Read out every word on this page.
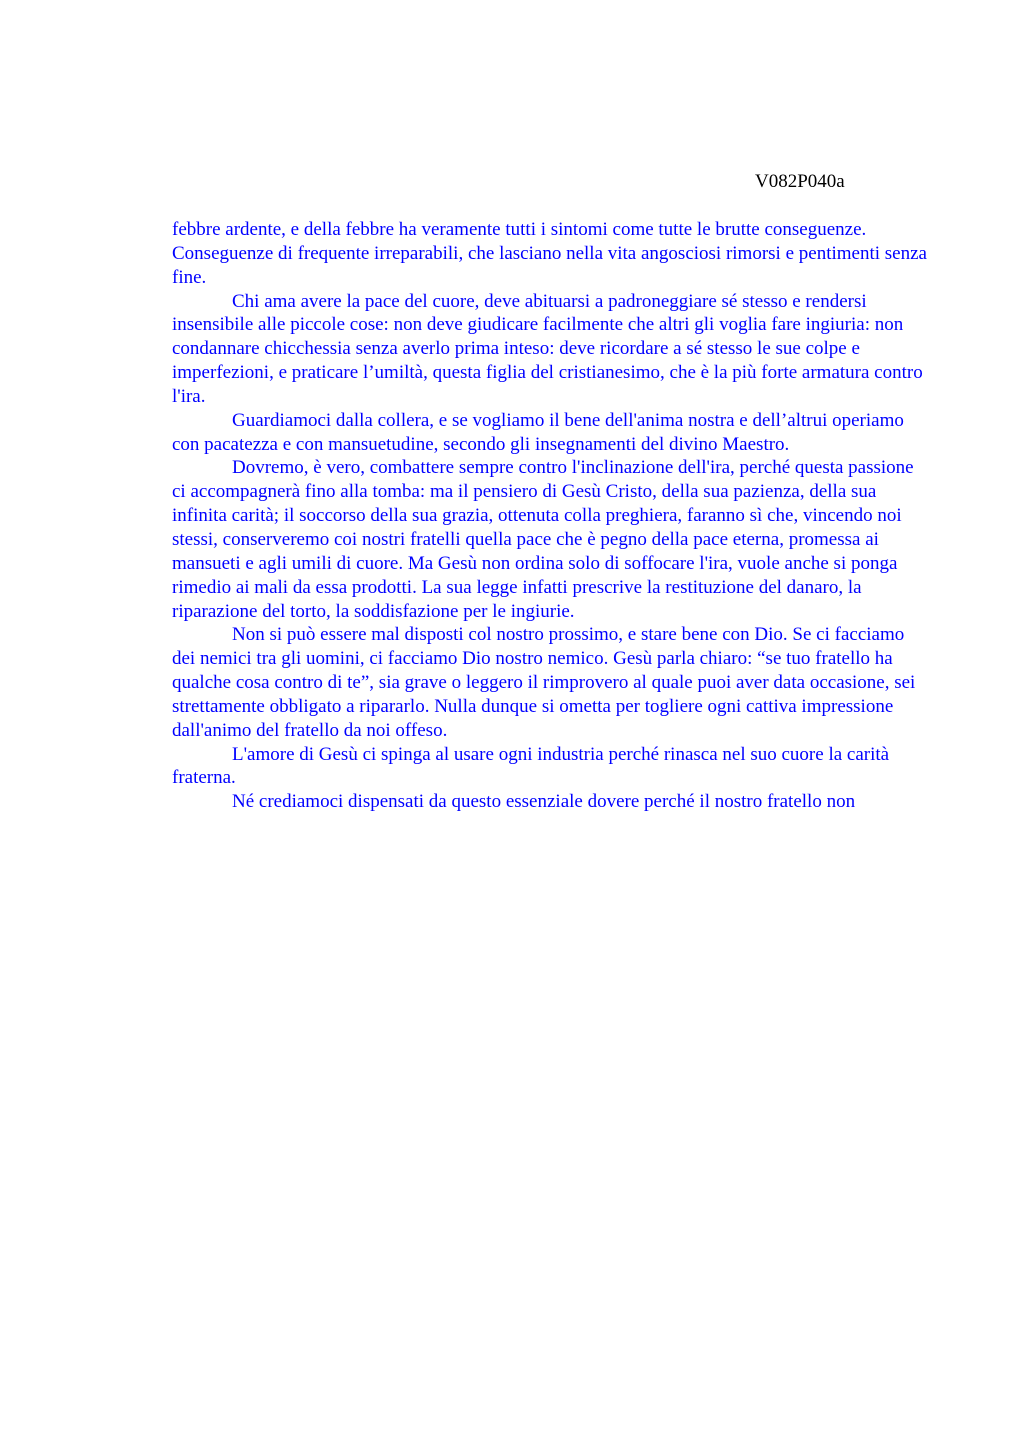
V082P040a

febbre ardente, e della febbre ha veramente tutti i sintomi come tutte le brutte conseguenze. Conseguenze di frequente irreparabili, che lasciano nella vita angosciosi rimorsi e pentimenti senza fine.

Chi ama avere la pace del cuore, deve abituarsi a padroneggiare sé stesso e rendersi insensibile alle piccole cose: non deve giudicare facilmente che altri gli voglia fare ingiuria: non condannare chicchessia senza averlo prima inteso: deve ricordare a sé stesso le sue colpe e imperfezioni, e praticare l’umiltà, questa figlia del cristianesimo, che è la più forte armatura contro l'ira.

Guardiamoci dalla collera, e se vogliamo il bene dell'anima nostra e dell’altrui operiamo con pacatezza e con mansuetudine, secondo gli insegnamenti del divino Maestro.

Dovremo, è vero, combattere sempre contro l'inclinazione dell'ira, perché questa passione ci accompagnerà fino alla tomba: ma il pensiero di Gesù Cristo, della sua pazienza, della sua infinita carità; il soccorso della sua grazia, ottenuta colla preghiera, faranno sì che, vincendo noi stessi, conserveremo coi nostri fratelli quella pace che è pegno della pace eterna, promessa ai mansueti e agli umili di cuore. Ma Gesù non ordina solo di soffocare l'ira, vuole anche si ponga rimedio ai mali da essa prodotti. La sua legge infatti prescrive la restituzione del danaro, la riparazione del torto, la soddisfazione per le ingiurie.

Non si può essere mal disposti col nostro prossimo, e stare bene con Dio. Se ci facciamo dei nemici tra gli uomini, ci facciamo Dio nostro nemico. Gesù parla chiaro: “se tuo fratello ha qualche cosa contro di te”, sia grave o leggero il rimprovero al quale puoi aver data occasione, sei strettamente obbligato a ripararlo. Nulla dunque si ometta per togliere ogni cattiva impressione dall'animo del fratello da noi offeso.

L'amore di Gesù ci spinga al usare ogni industria perché rinasca nel suo cuore la carità fraterna.

Né crediamoci dispensati da questo essenziale dovere perché il nostro fratello non
